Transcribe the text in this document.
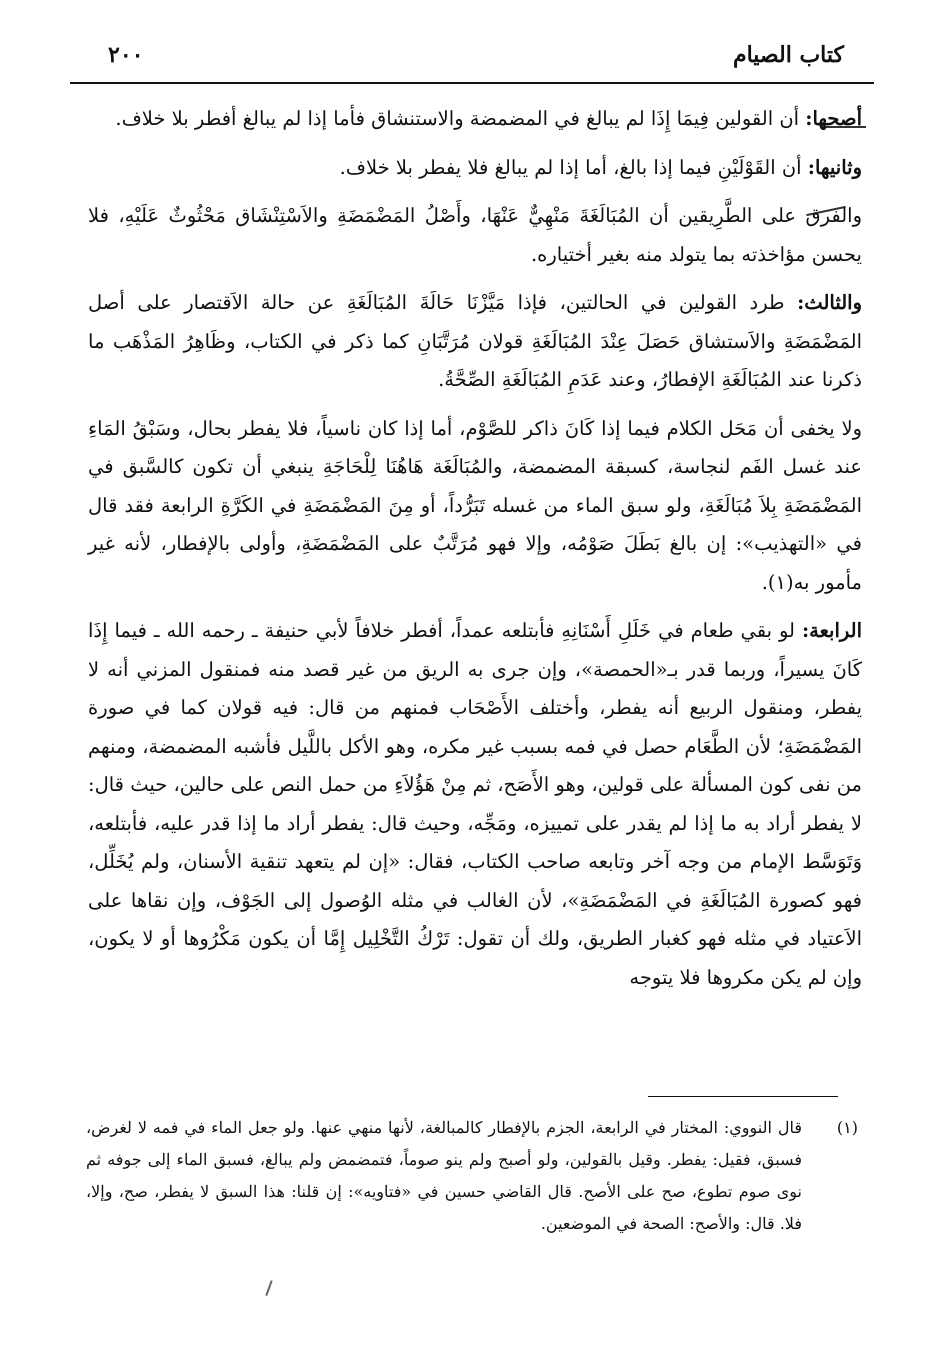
كتاب الصيام
٢٠٠

أصحها: أن القولين فِيمَا إِذَا لم يبالغ في المضمضة والاستنشاق فأما إذا لم يبالغ أفطر بلا خلاف.

وثانيها: أن القَوْلَيْنِ فيما إذا بالغ، أما إذا لم يبالغ فلا يفطر بلا خلاف.

والفرق على الطَّرِيقين أن المُبَالَغَةَ مَنْهِيٌّ عَنْهَا، وأَصْلُ المَضْمَضَةِ والاَسْتِنْشَاق مَحْثُوثٌ عَلَيْهِ، فلا يحسن مؤاخذته بما يتولد منه بغير أختياره.

والثالث: طرد القولين في الحالتين، فإذا مَيَّزْنَا حَالَةَ المُبَالَغَةِ عن حالة الاَقتصار على أصل المَضْمَضَةِ والاَستشاق حَصَلَ عِنْدَ المُبَالَغَةِ قولان مُرَتَّبَانِ كما ذكر في الكتاب، وظَاهِرُ المَذْهَب ما ذكرنا عند المُبَالَغَةِ الإفطارُ، وعند عَدَمِ المُبَالَغَةِ الصِّحَّةُ.

ولا يخفى أن مَحَل الكلام فيما إذا كَانَ ذاكر للصَّوْم، أما إذا كان ناسياً، فلا يفطر بحال، وسَبْقُ المَاءِ عند غسل الفَم لنجاسة، كسبقة المضمضة، والمُبَالَغَة هَاهُنَا لِلْحَاجَةِ ينبغي أن تكون كالسَّبق في المَضْمَضَةِ بِلاَ مُبَالَغَةِ، ولو سبق الماء من غسله تَبَرُّداً، أو مِنَ المَضْمَضَةِ في الكَرَّةِ الرابعة فقد قال في «التهذيب»: إن بالغ بَطَلَ صَوْمُه، وإلا فهو مُرَتَّبٌ على المَضْمَضَةِ، وأولى بالإفطار، لأنه غير مأمور به(١).

الرابعة: لو بقي طعام في خَلَلِ أَسْنَانِهِ فأبتلعه عمداً، أفطر خلافاً لأبي حنيفة ـ رحمه الله ـ فيما إِذَا كَانَ يسيراً، وربما قدر بـ«الحمصة»، وإن جرى به الريق من غير قصد منه فمنقول المزني أنه لا يفطر، ومنقول الربيع أنه يفطر، وأختلف الأَصْحَاب فمنهم من قال: فيه قولان كما في صورة المَضْمَضَةِ؛ لأن الطَّعَام حصل في فمه بسبب غير مكره، وهو الأكل باللَّيل فأشبه المضمضة، ومنهم من نفى كون المسألة على قولين، وهو الأَصَح، ثم مِنْ هَؤُلاَءِ من حمل النص على حالين، حيث قال: لا يفطر أراد به ما إذا لم يقدر على تمييزه، ومَجِّه، وحيث قال: يفطر أراد ما إذا قدر عليه، فأبتلعه، وَتَوَسَّط الإمام من وجه آخر وتابعه صاحب الكتاب، فقال: «إن لم يتعهد تنقية الأسنان، ولم يُخَلِّل، فهو كصورة المُبَالَغَةِ في المَضْمَضَةِ»، لأن الغالب في مثله الوُصول إلى الجَوْف، وإن نقاها على الاَعتياد في مثله فهو كغبار الطريق، ولك أن تقول: تَرْكُ التَّخْلِيل إِمَّا أن يكون مَكْرُوها أو لا يكون، وإن لم يكن مكروها فلا يتوجه

(١)
قال النووي: المختار في الرابعة، الجزم بالإفطار كالمبالغة، لأنها منهي عنها. ولو جعل الماء في فمه لا لغرض، فسبق، فقيل: يفطر. وقيل بالقولين، ولو أصبح ولم ينو صوماً، فتمضمض ولم يبالغ، فسبق الماء إلى جوفه ثم نوى صوم تطوع، صح على الأصح. قال القاضي حسين في «فتاويه»: إن قلنا: هذا السبق لا يفطر، صح، وإلا، فلا. قال: والأصح: الصحة في الموضعين.
